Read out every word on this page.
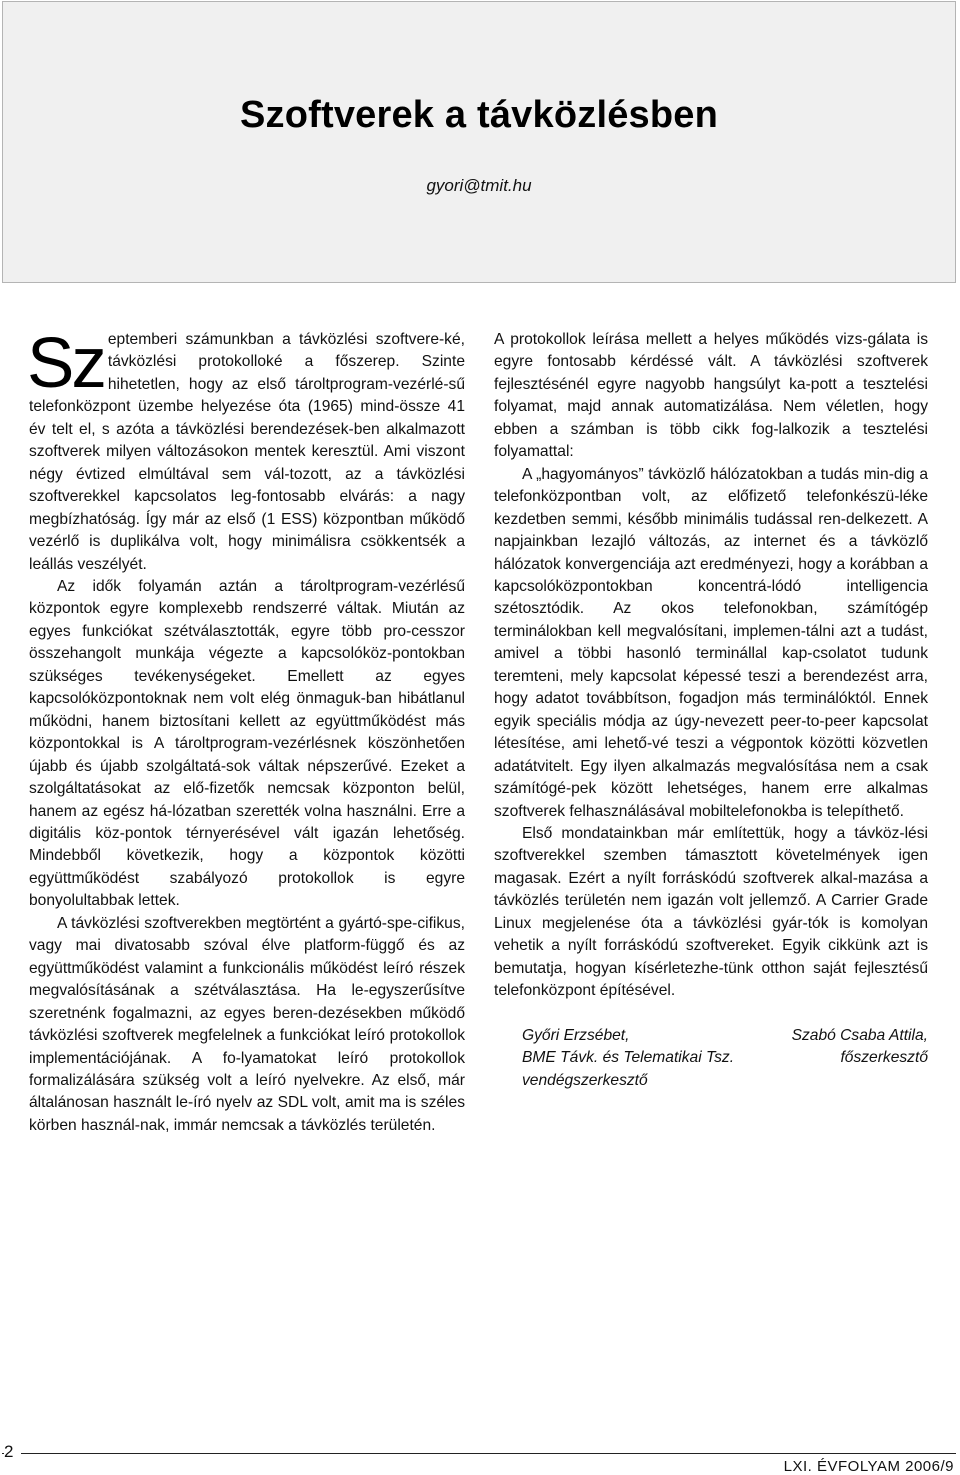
Szoftverek a távközlésben
gyori@tmit.hu

Sz eptemberi számunkban a távközlési szoftvere-ké, távközlési protokolloké a főszerep. Szinte hihetetlen, hogy az első tároltprogram-vezérlé-sű telefonközpont üzembe helyezése óta (1965) mind-össze 41 év telt el, s azóta a távközlési berendezések-ben alkalmazott szoftverek milyen változásokon mentek keresztül. Ami viszont négy évtized elmúltával sem vál-tozott, az a távközlési szoftverekkel kapcsolatos leg-fontosabb elvárás: a nagy megbízhatóság. Így már az első (1 ESS) központban működő vezérlő is duplikálva volt, hogy minimálisra csökkentsék a leállás veszélyét.

Az idők folyamán aztán a tároltprogram-vezérlésű központok egyre komplexebb rendszerré váltak. Miután az egyes funkciókat szétválasztották, egyre több pro-cesszor összehangolt munkája végezte a kapcsolóköz-pontokban szükséges tevékenységeket. Emellett az egyes kapcsolóközpontoknak nem volt elég önmaguk-ban hibátlanul működni, hanem biztosítani kellett az együttműködést más központokkal is A tároltprogram-vezérlésnek köszönhetően újabb és újabb szolgáltatá-sok váltak népszerűvé. Ezeket a szolgáltatásokat az elő-fizetők nemcsak központon belül, hanem az egész há-lózatban szerették volna használni. Erre a digitális köz-pontok térnyerésével vált igazán lehetőség. Mindebből következik, hogy a központok közötti együttműködést szabályozó protokollok is egyre bonyolultabbak lettek.

A távközlési szoftverekben megtörtént a gyártó-spe-cifikus, vagy mai divatosabb szóval élve platform-függő és az együttműködést valamint a funkcionális működést leíró részek megvalósításának a szétválasztása. Ha le-egyszerűsítve szeretnénk fogalmazni, az egyes beren-dezésekben működő távközlési szoftverek megfelelnek a funkciókat leíró protokollok implementációjának. A fo-lyamatokat leíró protokollok formalizálására szükség volt a leíró nyelvekre. Az első, már általánosan használt le-író nyelv az SDL volt, amit ma is széles körben használ-nak, immár nemcsak a távközlés területén.

A protokollok leírása mellett a helyes működés vizs-gálata is egyre fontosabb kérdéssé vált. A távközlési szoftverek fejlesztésénél egyre nagyobb hangsúlyt ka-pott a tesztelési folyamat, majd annak automatizálása. Nem véletlen, hogy ebben a számban is több cikk fog-lalkozik a tesztelési folyamattal:

A „hagyományos” távközlő hálózatokban a tudás min-dig a telefonközpontban volt, az előfizető telefonkészü-léke kezdetben semmi, később minimális tudással ren-delkezett. A napjainkban lezajló változás, az internet és a távközlő hálózatok konvergenciája azt eredményezi, hogy a korábban a kapcsolóközpontokban koncentrá-lódó intelligencia szétosztódik. Az okos telefonokban, számítógép terminálokban kell megvalósítani, implemen-tálni azt a tudást, amivel a többi hasonló terminállal kap-csolatot tudunk teremteni, mely kapcsolat képessé teszi a berendezést arra, hogy adatot továbbítson, fogadjon más terminálóktól. Ennek egyik speciális módja az úgy-nevezett peer-to-peer kapcsolat létesítése, ami lehető-vé teszi a végpontok közötti közvetlen adatátvitelt. Egy ilyen alkalmazás megvalósítása nem a csak számítógé-pek között lehetséges, hanem erre alkalmas szoftverek felhasználásával mobiltelefonokba is telepíthető.

Első mondatainkban már említettük, hogy a távköz-lési szoftverekkel szemben támasztott követelmények igen magasak. Ezért a nyílt forráskódú szoftverek alkal-mazása a távközlés területén nem igazán volt jellemző. A Carrier Grade Linux megjelenése óta a távközlési gyár-tók is komolyan vehetik a nyílt forráskódú szoftvereket. Egyik cikkünk azt is bemutatja, hogyan kísérletezhe-tünk otthon saját fejlesztésű telefonközpont építésével.

Győri Erzsébet,
BME Távk. és Telematikai Tsz.
vendégszerkesztő

Szabó Csaba Attila,
főszerkesztő
2
LXI. ÉVFOLYAM 2006/9
